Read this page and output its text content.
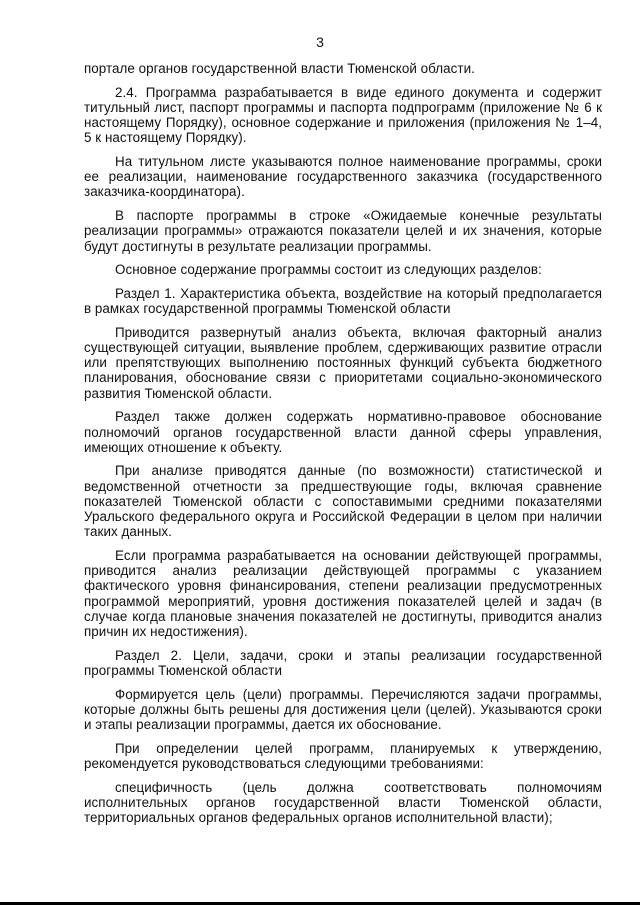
3

порталe органов государственной власти Тюменской области.

2.4. Программа разрабатывается в виде единого документа и содержит титульный лист, паспорт программы и паспорта подпрограмм (приложение № 6 к настоящему Порядку), основное содержание и приложения (приложения № 1–4, 5 к настоящему Порядку).

На титульном листе указываются полное наименование программы, сроки ее реализации, наименование государственного заказчика (государственного заказчика-координатора).

В паспорте программы в строке «Ожидаемые конечные результаты реализации программы» отражаются показатели целей и их значения, которые будут достигнуты в результате реализации программы.

Основное содержание программы состоит из следующих разделов:

Раздел 1. Характеристика объекта, воздействие на который предполагается в рамках государственной программы Тюменской области

Приводится развернутый анализ объекта, включая факторный анализ существующей ситуации, выявление проблем, сдерживающих развитие отрасли или препятствующих выполнению постоянных функций субъекта бюджетного планирования, обоснование связи с приоритетами социально-экономического развития Тюменской области.

Раздел также должен содержать нормативно-правовое обоснование полномочий органов государственной власти данной сферы управления, имеющих отношение к объекту.

При анализе приводятся данные (по возможности) статистической и ведомственной отчетности за предшествующие годы, включая сравнение показателей Тюменской области с сопоставимыми средними показателями Уральского федерального округа и Российской Федерации в целом при наличии таких данных.

Если программа разрабатывается на основании действующей программы, приводится анализ реализации действующей программы с указанием фактического уровня финансирования, степени реализации предусмотренных программой мероприятий, уровня достижения показателей целей и задач (в случае когда плановые значения показателей не достигнуты, приводится анализ причин их недостижения).

Раздел 2. Цели, задачи, сроки и этапы реализации государственной программы Тюменской области

Формируется цель (цели) программы. Перечисляются задачи программы, которые должны быть решены для достижения цели (целей). Указываются сроки и этапы реализации программы, дается их обоснование.

При определении целей программ, планируемых к утверждению, рекомендуется руководствоваться следующими требованиями:

специфичность (цель должна соответствовать полномочиям исполнительных органов государственной власти Тюменской области, территориальных органов федеральных органов исполнительной власти);
